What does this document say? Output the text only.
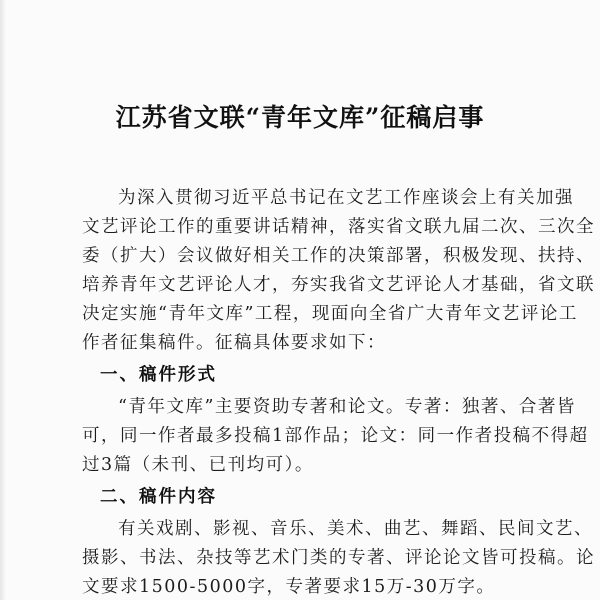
江苏省文联“青年文库”征稿启事
为深入贯彻习近平总书记在文艺工作座谈会上有关加强
文艺评论工作的重要讲话精神，落实省文联九届二次、三次全
委（扩大）会议做好相关工作的决策部署，积极发现、扶持、
培养青年文艺评论人才，夯实我省文艺评论人才基础，省文联
决定实施“青年文库”工程，现面向全省广大青年文艺评论工
作者征集稿件。征稿具体要求如下：
一、稿件形式
“青年文库”主要资助专著和论文。专著：独著、合著皆
可，同一作者最多投稿1部作品；论文：同一作者投稿不得超
过3篇（未刊、已刊均可）。
二、稿件内容
有关戏剧、影视、音乐、美术、曲艺、舞蹈、民间文艺、
摄影、书法、杂技等艺术门类的专著、评论论文皆可投稿。论
文要求1500-5000字，专著要求15万-30万字。
